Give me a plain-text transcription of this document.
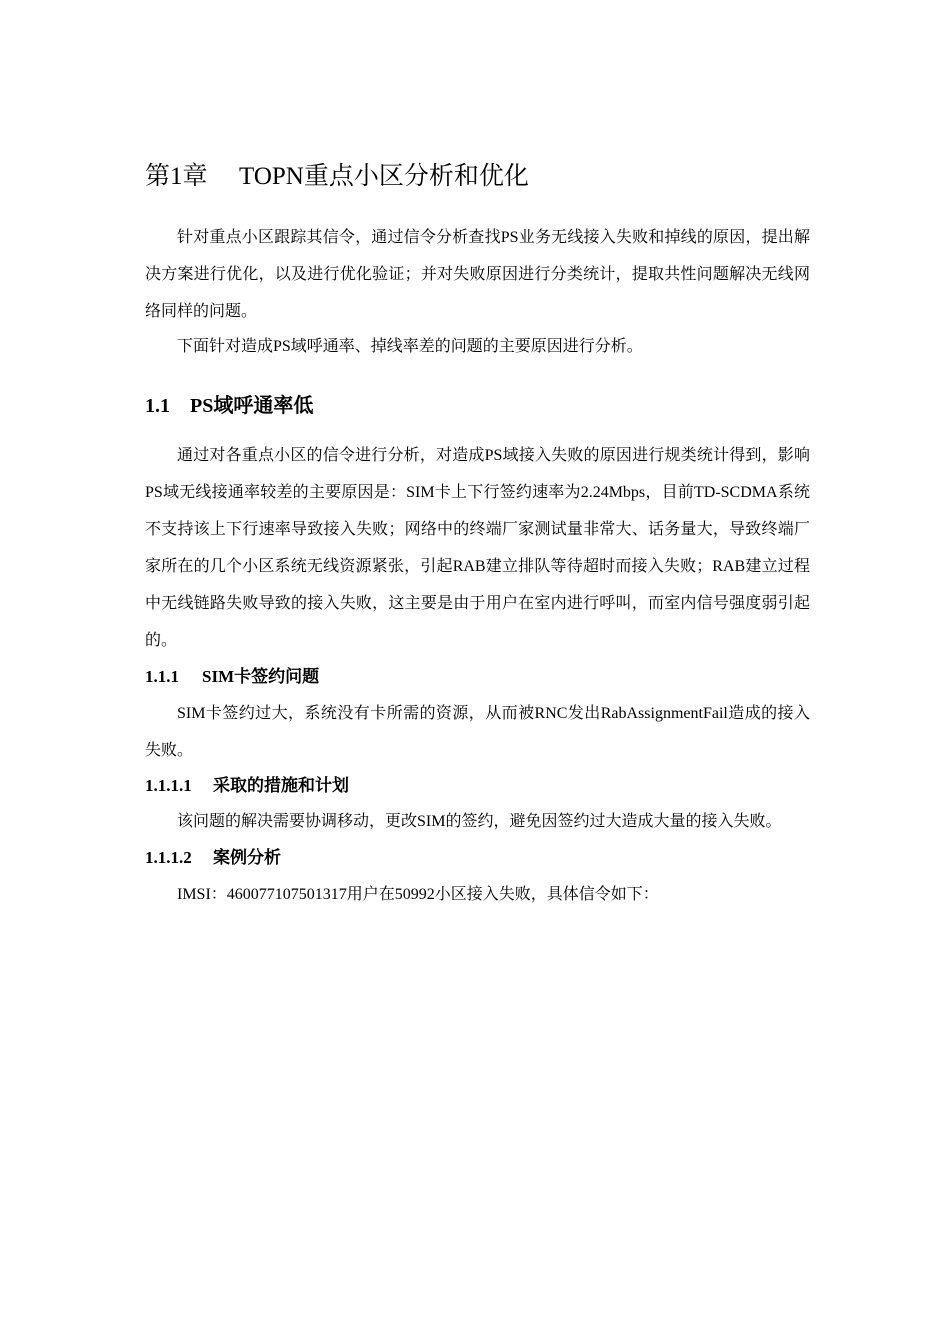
第1章 TOPN重点小区分析和优化

针对重点小区跟踪其信令，通过信令分析查找PS业务无线接入失败和掉线的原因，提出解决方案进行优化，以及进行优化验证；并对失败原因进行分类统计，提取共性问题解决无线网络同样的问题。

下面针对造成PS域呼通率、掉线率差的问题的主要原因进行分析。

1.1 PS域呼通率低

通过对各重点小区的信令进行分析，对造成PS域接入失败的原因进行规类统计得到，影响PS域无线接通率较差的主要原因是：SIM卡上下行签约速率为2.24Mbps，目前TD-SCDMA系统不支持该上下行速率导致接入失败；网络中的终端厂家测试量非常大、话务量大，导致终端厂家所在的几个小区系统无线资源紧张，引起RAB建立排队等待超时而接入失败；RAB建立过程中无线链路失败导致的接入失败，这主要是由于用户在室内进行呼叫，而室内信号强度弱引起的。

1.1.1 SIM卡签约问题

SIM卡签约过大，系统没有卡所需的资源，从而被RNC发出RabAssignmentFail造成的接入失败。

1.1.1.1 采取的措施和计划

该问题的解决需要协调移动，更改SIM的签约，避免因签约过大造成大量的接入失败。

1.1.1.2 案例分析

IMSI：460077107501317用户在50992小区接入失败，具体信令如下：
